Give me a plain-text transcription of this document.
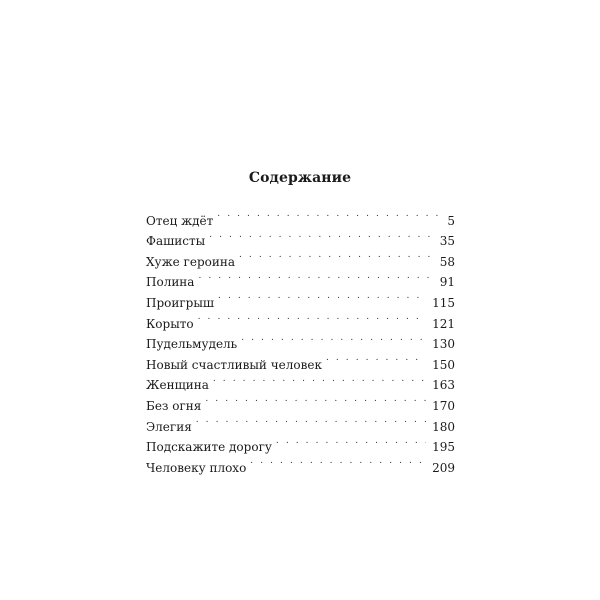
Содержание
Отец ждёт . . .	5
Фашисты . . .	35
Хуже героина . . .	58
Полина . . .	91
Проигрыш . . .	115
Корыто . . .	121
Пудельмудель . . .	130
Новый счастливый человек . . .	150
Женщина . . .	163
Без огня . . .	170
Элегия . . .	180
Подскажите дорогу . . .	195
Человеку плохо . . .	209
